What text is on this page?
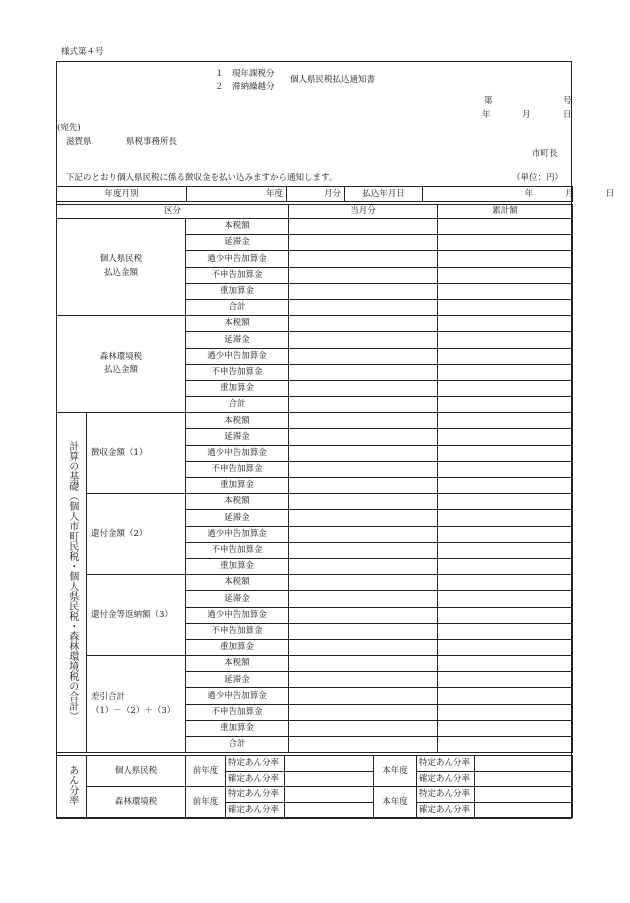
様式第４号
１　現年課税分
２　滞納繰越分
個人県民税払込通知書
第	号
年	月	日
(宛先)
滋賀県	県税事務所長
市町長
下記のとおり個人県民税に係る徴収金を払い込みますから通知します。	（単位：円）
年度月別	年度	月分	払込年月日	年	月	日
区分			当月分	累計額
個人県民税
払込金額		本税額		
		延滞金		
		過少申告加算金		
		不申告加算金		
		重加算金		
		合計		
森林環境税
払込金額		本税額		
		延滞金		
		過少申告加算金		
		不申告加算金		
		重加算金		
		合計		
計算の基礎（個人市町民税・個人県民税・森林環境税の合計）	徴収金額（1）	本税額		
		延滞金		
		過少申告加算金		
		不申告加算金		
		重加算金		
	還付金額（2）	本税額		
		延滞金		
		過少申告加算金		
		不申告加算金		
		重加算金		
	還付金等返納額（3）	本税額		
		延滞金		
		過少申告加算金		
		不申告加算金		
		重加算金		

	差引合計
（1）－（2）＋（3）	本税額		
		延滞金		
		過少申告加算金		
		不申告加算金		
		重加算金		
		合計		
あん分率	個人県民税	前年度	特定あん分率		本年度	特定あん分率	
			確定あん分率			確定あん分率	
	森林環境税	前年度	特定あん分率		本年度	特定あん分率	
			確定あん分率			確定あん分率	
